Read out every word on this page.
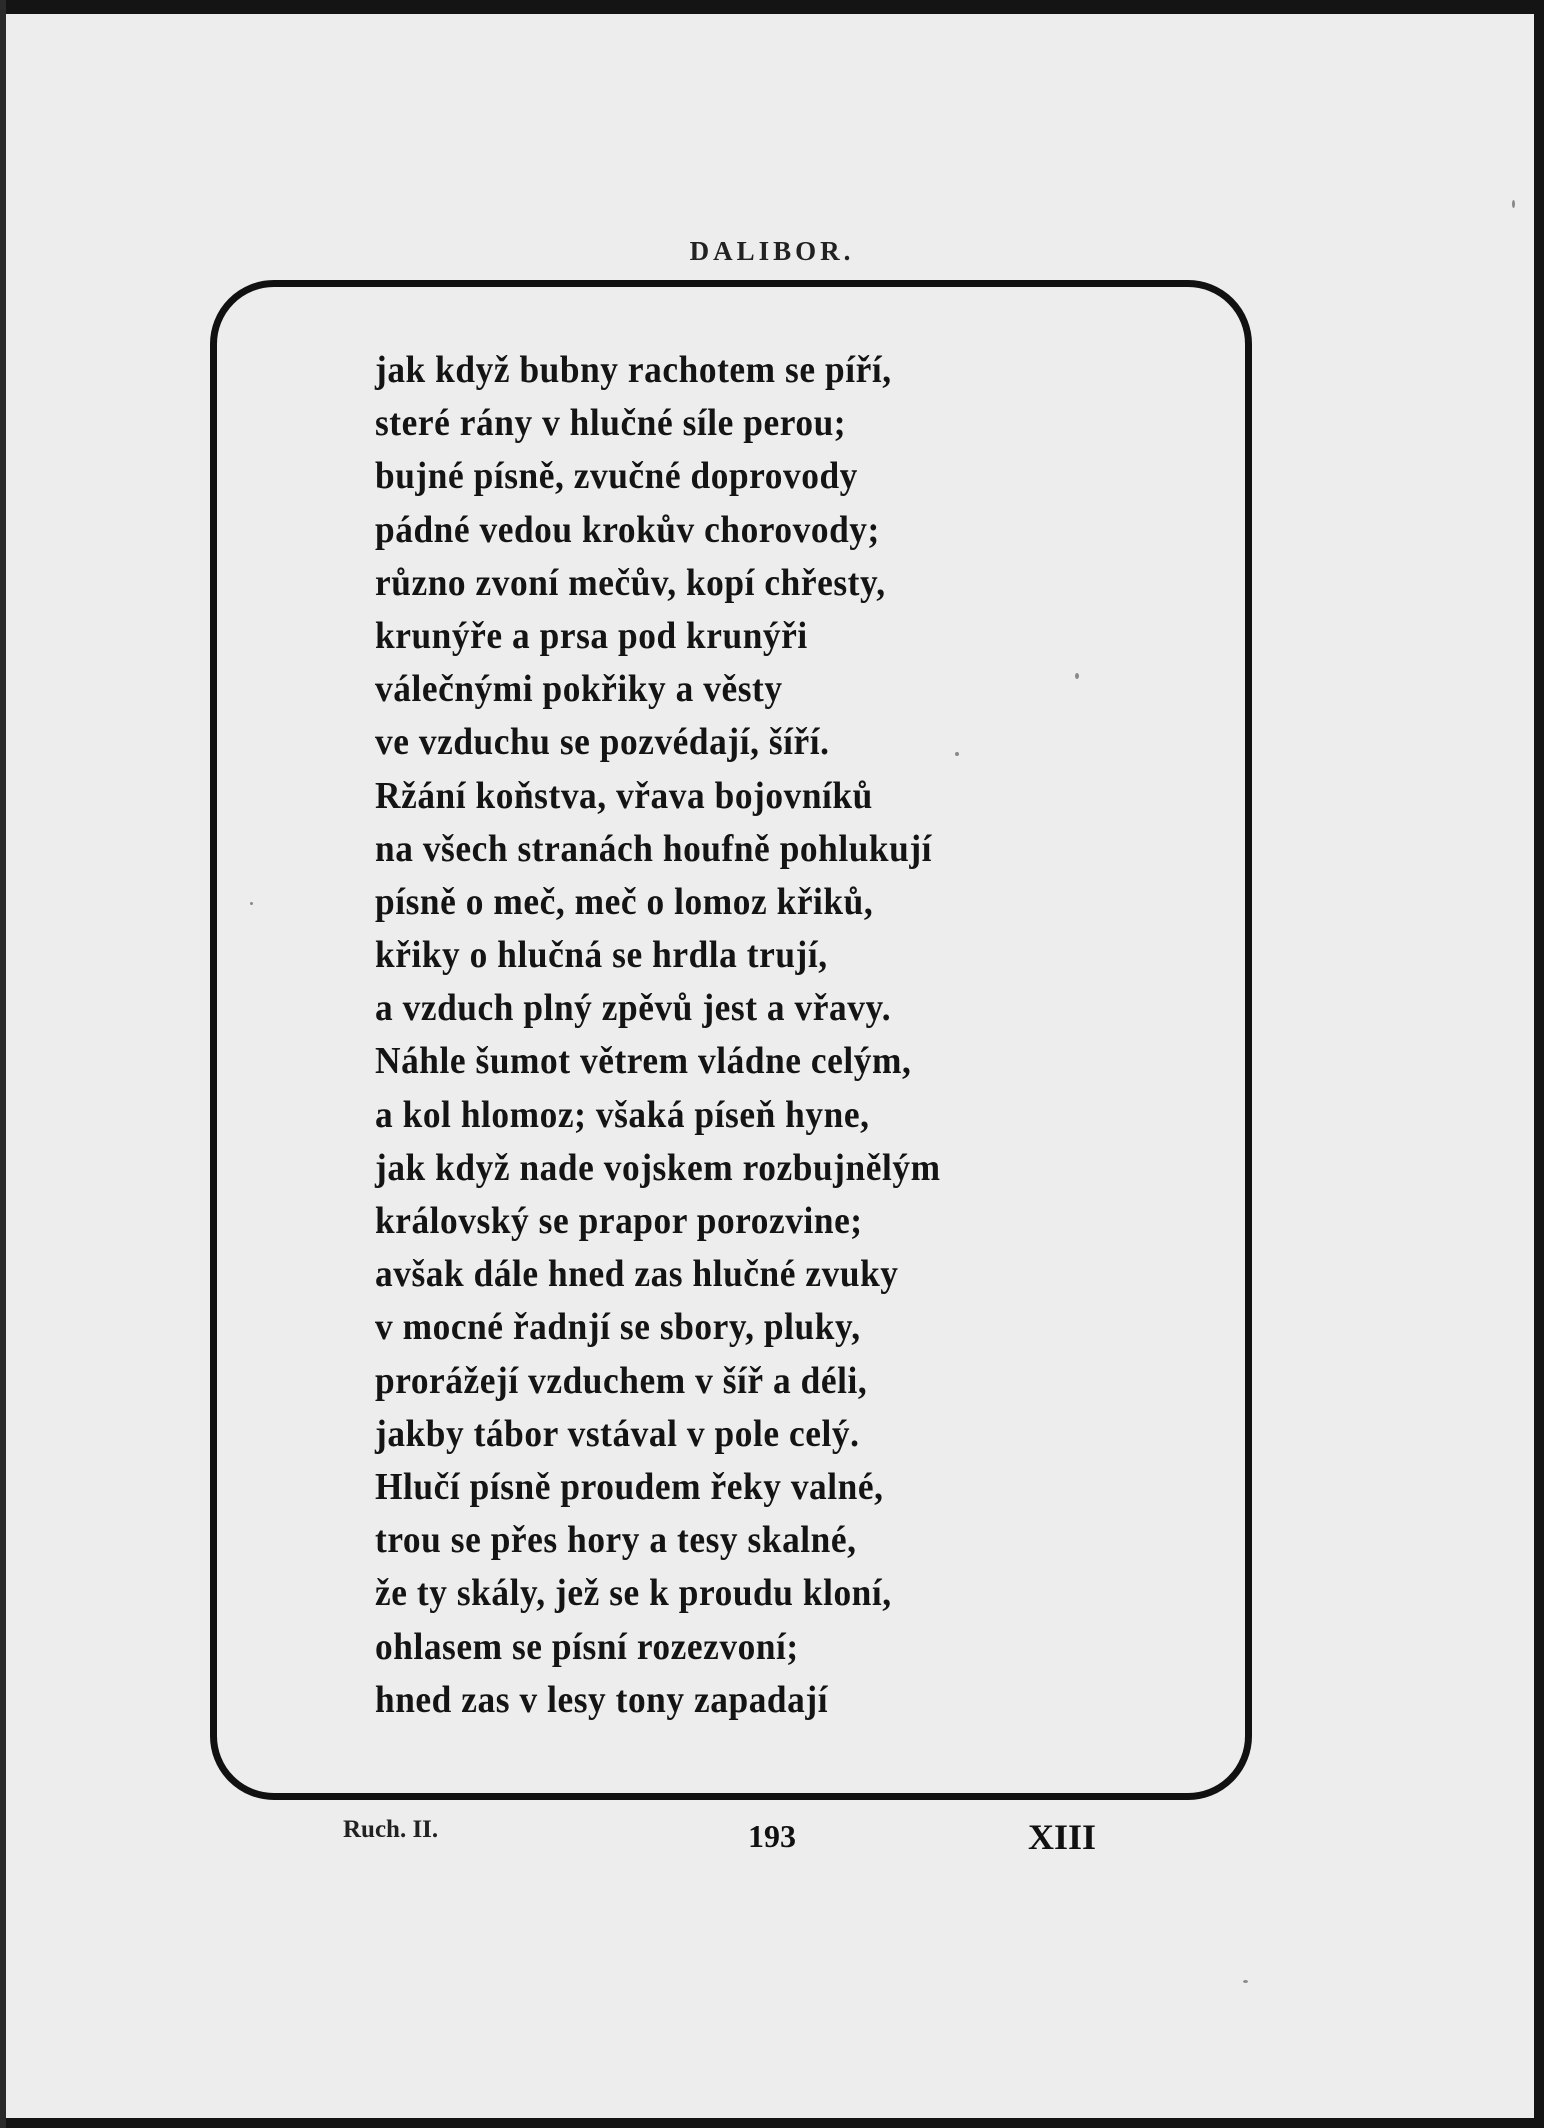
DALIBOR.
jak když bubny rachotem se píří,
steré rány v hlučné síle perou;
bujné písně, zvučné doprovody
pádné vedou krokův chorovody;
různo zvoní mečův, kopí chřesty,
krunýře a prsa pod krunýři
válečnými pokřiky a věsty
ve vzduchu se pozvédají, šíří.
Ržání koňstva, vřava bojovníků
na všech stranách houfně pohlukují
písně o meč, meč o lomoz křiků,
křiky o hlučná se hrdla trují,
a vzduch plný zpěvů jest a vřavy.
Náhle šumot větrem vládne celým,
a kol hlomoz; všaká píseň hyne,
jak když nade vojskem rozbujnělým
královský se prapor porozvine;
avšak dále hned zas hlučné zvuky
v mocné řadnjí se sbory, pluky,
prorážejí vzduchem v šíř a déli,
jakby tábor vstával v pole celý.
Hlučí písně proudem řeky valné,
trou se přes hory a tesy skalné,
že ty skály, jež se k proudu kloní,
ohlasem se písní rozezvoní;
hned zas v lesy tony zapadají
Ruch. II.	193	XIII
